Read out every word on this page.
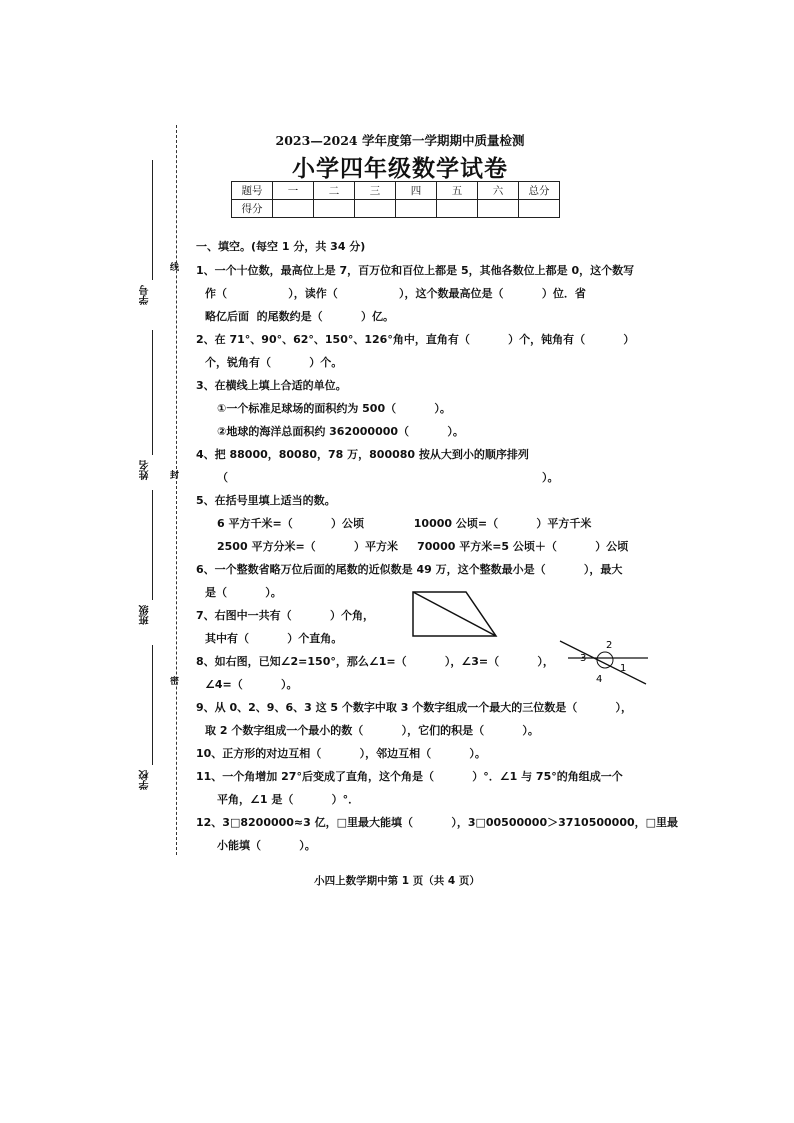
学号
姓名
班级
学校
线
封
密
2023—2024 学年度第一学期期中质量检测
小学四年级数学试卷
题号	一	二	三	四	五	六	总分
得分							
一、填空。(每空 1 分，共 34 分)
1、一个十位数，最高位上是 7，百万位和百位上都是 5，其他各数位上都是 0，这个数写
作（                ），读作（                ），这个数最高位是（          ）位．省
略亿后面  的尾数约是（          ）亿。
2、在 71°、90°、62°、150°、126°角中，直角有（          ）个，钝角有（          ）
个，锐角有（          ）个。
3、在横线上填上合适的单位。
①一个标准足球场的面积约为 500（          ）。
②地球的海洋总面积约 362000000（          ）。
4、把 88000，80080，78 万，800080 按从大到小的顺序排列
（                                                                                  ）。
5、在括号里填上适当的数。
6 平方千米=（          ）公顷             10000 公顷=（          ）平方千米
2500 平方分米=（          ）平方米     70000 平方米=5 公顷＋（          ）公顷
6、一个整数省略万位后面的尾数的近似数是 49 万，这个整数最小是（          ），最大
是（          ）。
7、右图中一共有（          ）个角，
其中有（          ）个直角。
8、如右图，已知∠2=150°，那么∠1=（          ），∠3=（          ），
∠4=（          ）。
9、从 0、2、9、6、3 这 5 个数字中取 3 个数字组成一个最大的三位数是（          ），
取 2 个数字组成一个最小的数（          ），它们的积是（          ）。
10、正方形的对边互相（          ），邻边互相（          ）。
11、一个角增加 27°后变成了直角，这个角是（          ）°．∠1 与 75°的角组成一个
平角，∠1 是（          ）°．
12、3□8200000≈3 亿，□里最大能填（          ），3□00500000＞3710500000，□里最
小能填（          ）。
2
3
1
4
小四上数学期中第 1 页（共 4 页）
